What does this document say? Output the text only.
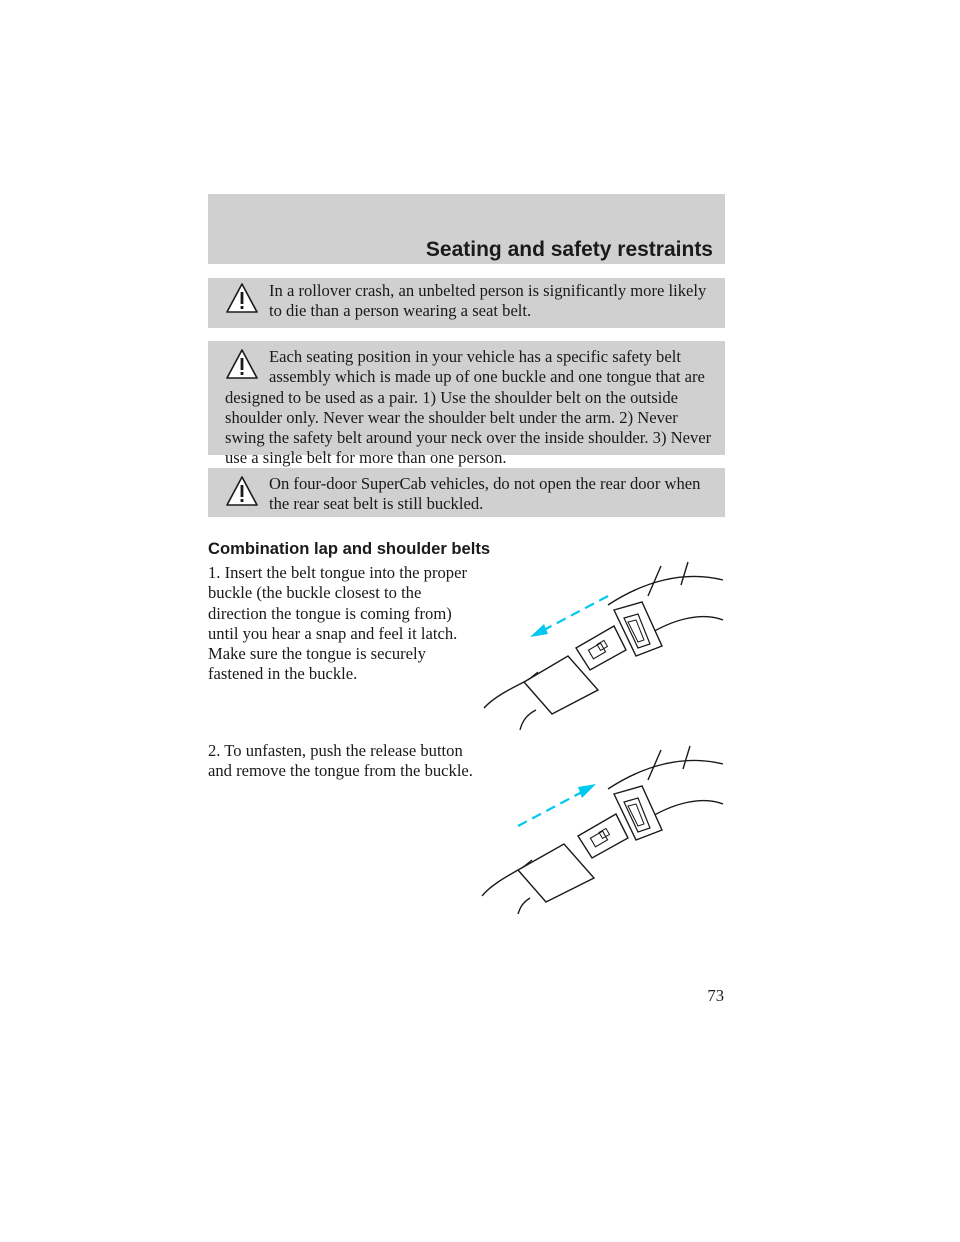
Seating and safety restraints

In a rollover crash, an unbelted person is significantly more likely to die than a person wearing a seat belt.

Each seating position in your vehicle has a specific safety belt assembly which is made up of one buckle and one tongue that are designed to be used as a pair. 1) Use the shoulder belt on the outside shoulder only. Never wear the shoulder belt under the arm. 2) Never swing the safety belt around your neck over the inside shoulder. 3) Never use a single belt for more than one person.

On four-door SuperCab vehicles, do not open the rear door when the rear seat belt is still buckled.

Combination lap and shoulder belts

1. Insert the belt tongue into the proper buckle (the buckle closest to the direction the tongue is coming from) until you hear a snap and feel it latch. Make sure the tongue is securely fastened in the buckle.

2. To unfasten, push the release button and remove the tongue from the buckle.

73
